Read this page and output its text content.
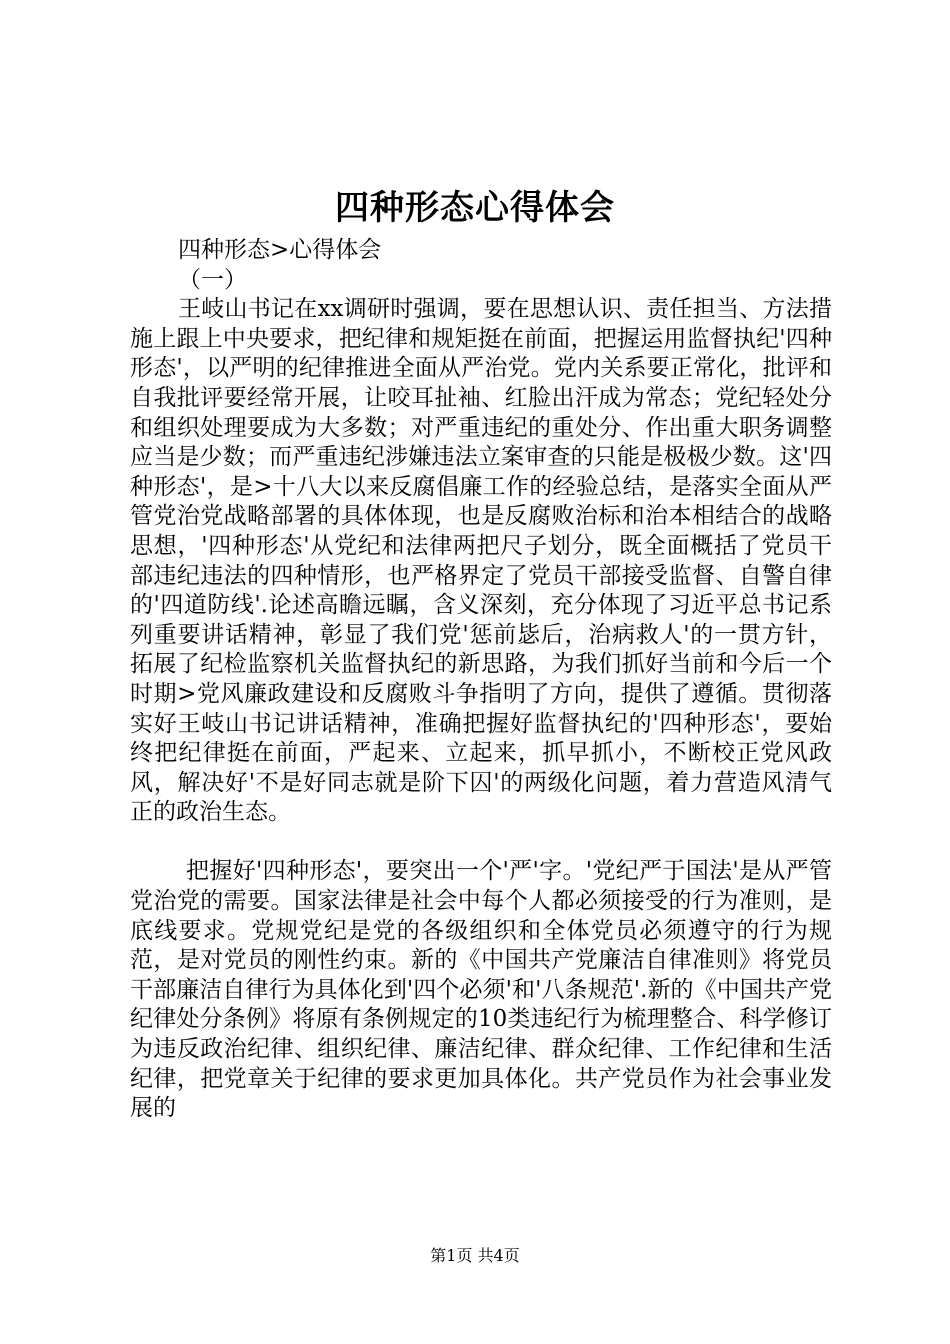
四种形态心得体会

四种形态>心得体会

（一）

王岐山书记在xx调研时强调，要在思想认识、责任担当、方法措施上跟上中央要求，把纪律和规矩挺在前面，把握运用监督执纪'四种形态'，以严明的纪律推进全面从严治党。党内关系要正常化，批评和自我批评要经常开展，让咬耳扯袖、红脸出汗成为常态；党纪轻处分和组织处理要成为大多数；对严重违纪的重处分、作出重大职务调整应当是少数；而严重违纪涉嫌违法立案审查的只能是极极少数。这'四种形态'，是>十八大以来反腐倡廉工作的经验总结，是落实全面从严管党治党战略部署的具体体现，也是反腐败治标和治本相结合的战略思想，'四种形态'从党纪和法律两把尺子划分，既全面概括了党员干部违纪违法的四种情形，也严格界定了党员干部接受监督、自警自律的'四道防线'.论述高瞻远瞩，含义深刻，充分体现了习近平总书记系列重要讲话精神，彰显了我们党'惩前毖后，治病救人'的一贯方针，拓展了纪检监察机关监督执纪的新思路，为我们抓好当前和今后一个时期>党风廉政建设和反腐败斗争指明了方向，提供了遵循。贯彻落实好王岐山书记讲话精神，准确把握好监督执纪的'四种形态'，要始终把纪律挺在前面，严起来、立起来，抓早抓小，不断校正党风政风，解决好'不是好同志就是阶下囚'的两级化问题，着力营造风清气正的政治生态。

把握好'四种形态'，要突出一个'严'字。'党纪严于国法'是从严管党治党的需要。国家法律是社会中每个人都必须接受的行为准则，是底线要求。党规党纪是党的各级组织和全体党员必须遵守的行为规范，是对党员的刚性约束。新的《中国共产党廉洁自律准则》将党员干部廉洁自律行为具体化到'四个必须'和'八条规范'.新的《中国共产党纪律处分条例》将原有条例规定的10类违纪行为梳理整合、科学修订为违反政治纪律、组织纪律、廉洁纪律、群众纪律、工作纪律和生活纪律，把党章关于纪律的要求更加具体化。共产党员作为社会事业发展的

第1页 共4页
